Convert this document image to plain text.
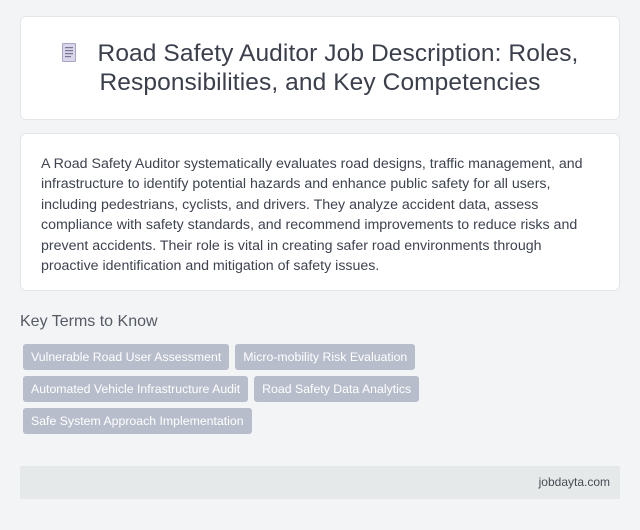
Road Safety Auditor Job Description: Roles, Responsibilities, and Key Competencies

A Road Safety Auditor systematically evaluates road designs, traffic management, and infrastructure to identify potential hazards and enhance public safety for all users, including pedestrians, cyclists, and drivers. They analyze accident data, assess compliance with safety standards, and recommend improvements to reduce risks and prevent accidents. Their role is vital in creating safer road environments through proactive identification and mitigation of safety issues.

Key Terms to Know
Vulnerable Road User Assessment	Micro-mobility Risk Evaluation
Automated Vehicle Infrastructure Audit	Road Safety Data Analytics
Safe System Approach Implementation
jobdayta.com
